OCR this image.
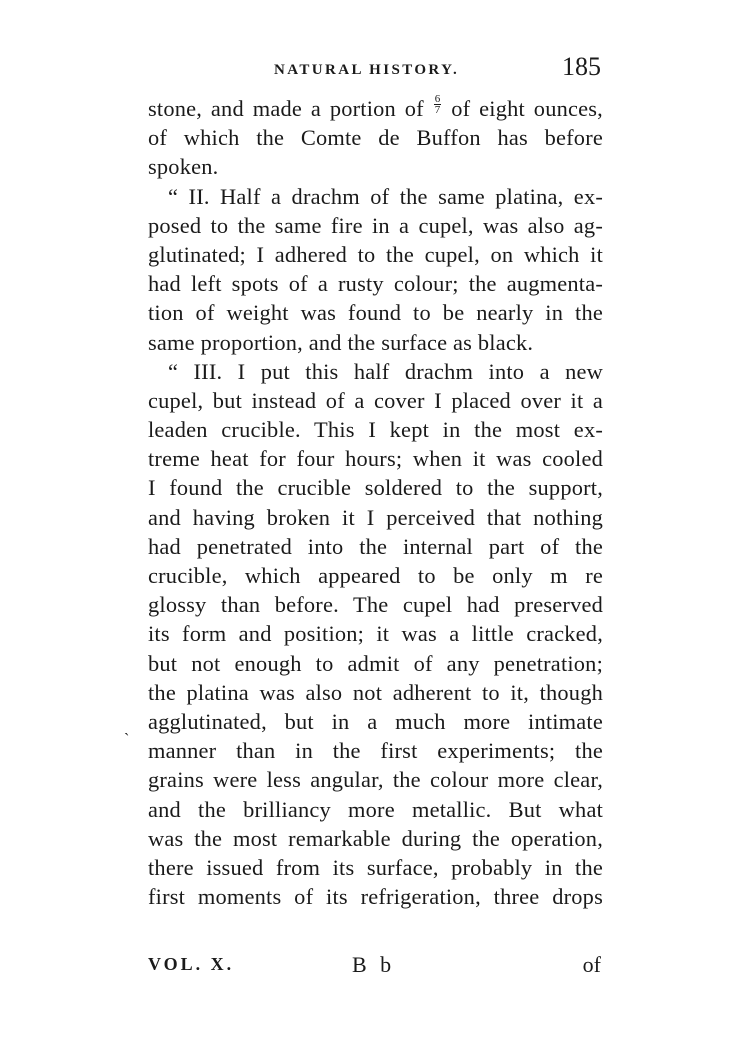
NATURAL HISTORY.	185
stone, and made a portion of $\frac{6}{7}$ of eight ounces,
of which the Comte de Buffon has before
spoken.
“ II. Half a drachm of the same platina, ex-
posed to the same fire in a cupel, was also ag-
glutinated; I adhered to the cupel, on which it
had left spots of a rusty colour; the augmenta-
tion of weight was found to be nearly in the
same proportion, and the surface as black.
“ III. I put this half drachm into a new
cupel, but instead of a cover I placed over it a
leaden crucible. This I kept in the most ex-
treme heat for four hours; when it was cooled
I found the crucible soldered to the support,
and having broken it I perceived that nothing
had penetrated into the internal part of the
crucible, which appeared to be only m re
glossy than before. The cupel had preserved
its form and position; it was a little cracked,
but not enough to admit of any penetration;
the platina was also not adherent to it, though
agglutinated, but in a much more intimate
manner than in the first experiments; the
grains were less angular, the colour more clear,
and the brilliancy more metallic. But what
was the most remarkable during the operation,
there issued from its surface, probably in the
first moments of its refrigeration, three drops
`
VOL. X.	B b	of
